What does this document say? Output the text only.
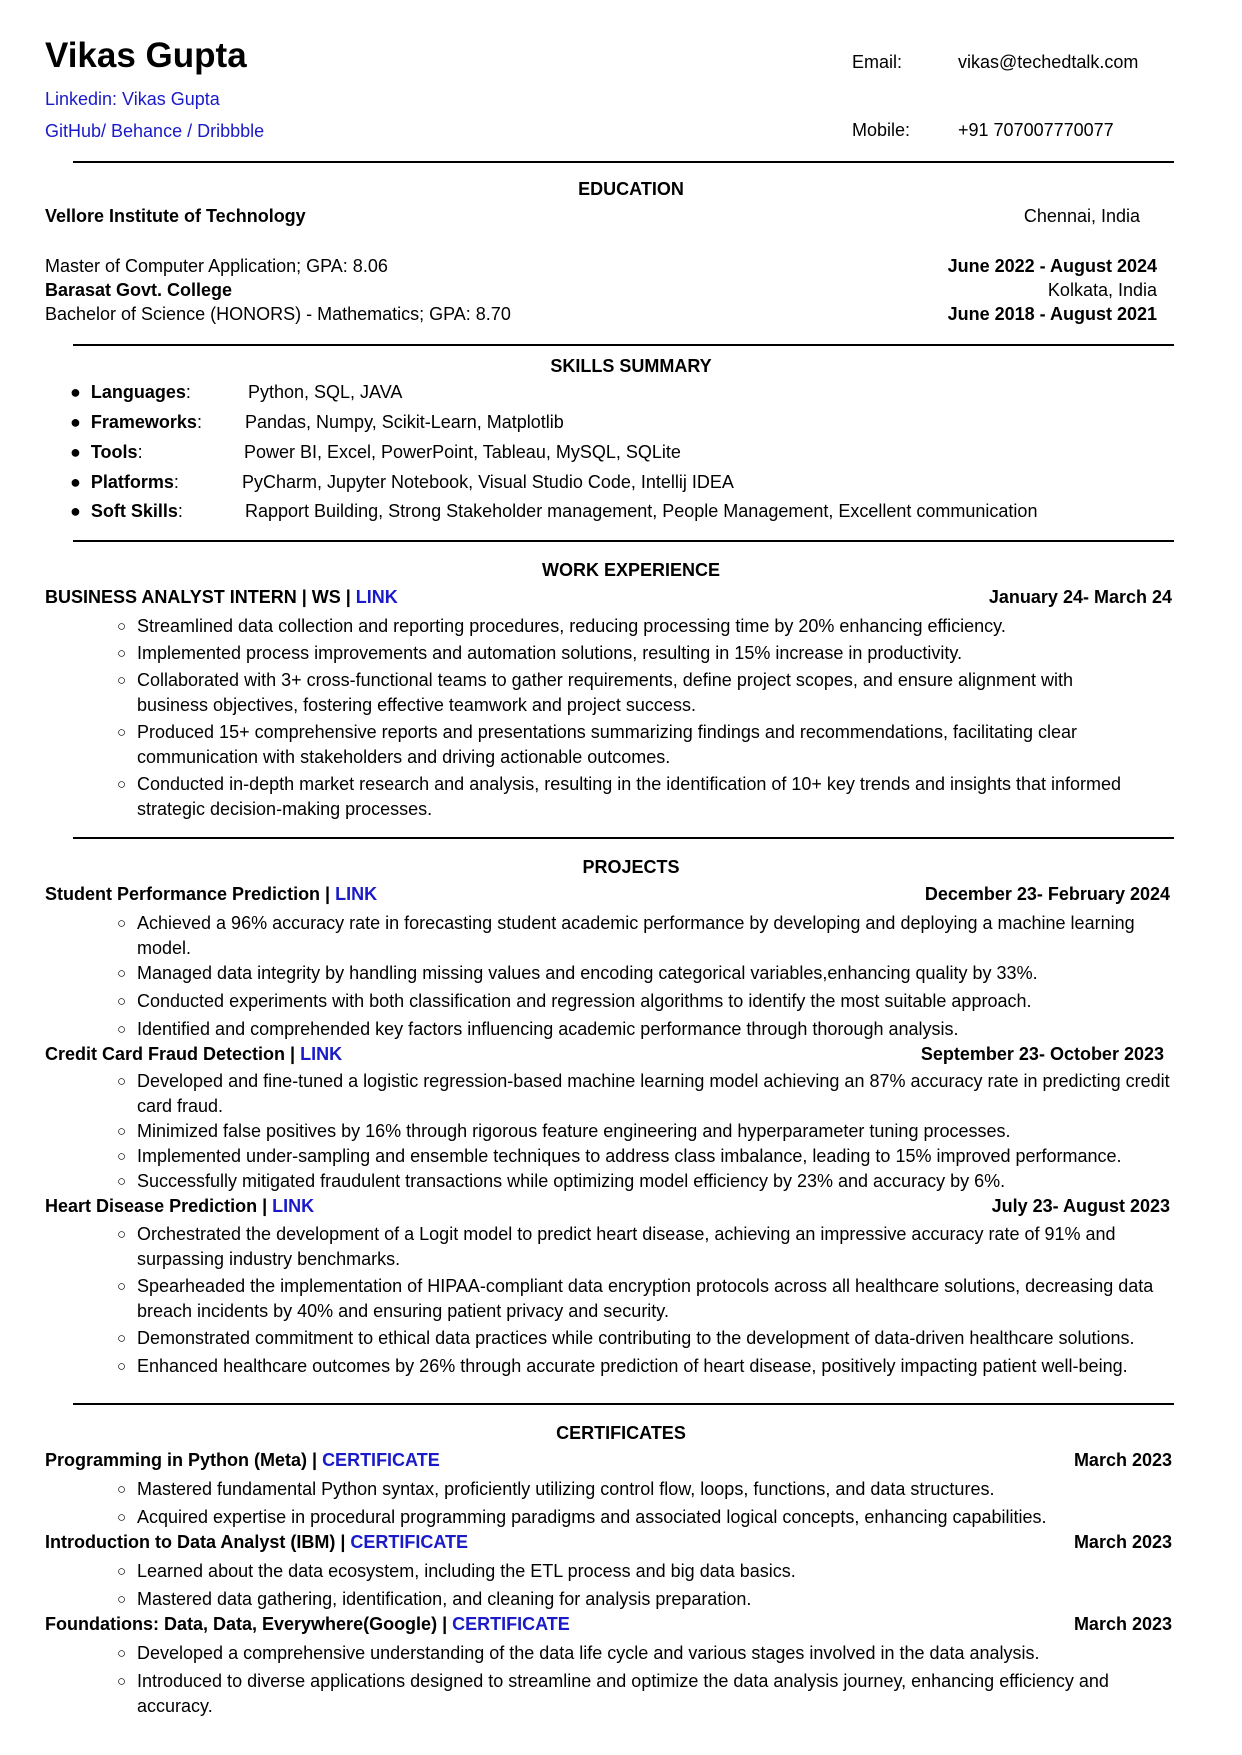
Vikas Gupta
Linkedin: Vikas Gupta
GitHub/ Behance / Dribbble
Email:	vikas@techedtalk.com
Mobile:	+91 707007770077
EDUCATION
Vellore Institute of Technology	Chennai, India
Master of Computer Application; GPA: 8.06	June 2022 - August 2024
Barasat Govt. College	Kolkata, India
Bachelor of Science (HONORS) - Mathematics; GPA: 8.70	June 2018 - August 2021
SKILLS SUMMARY
● Languages:	Python, SQL, JAVA
● Frameworks: Pandas, Numpy, Scikit-Learn, Matplotlib
● Tools:	Power BI, Excel, PowerPoint, Tableau, MySQL, SQLite
● Platforms:	PyCharm, Jupyter Notebook, Visual Studio Code, Intellij IDEA
● Soft Skills:	Rapport Building, Strong Stakeholder management, People Management, Excellent communication
WORK EXPERIENCE
BUSINESS ANALYST INTERN | WS | LINK	January 24- March 24
○ Streamlined data collection and reporting procedures, reducing processing time by 20% enhancing efficiency.
○ Implemented process improvements and automation solutions, resulting in 15% increase in productivity.
○ Collaborated with 3+ cross-functional teams to gather requirements, define project scopes, and ensure alignment with business objectives, fostering effective teamwork and project success.
○ Produced 15+ comprehensive reports and presentations summarizing findings and recommendations, facilitating clear communication with stakeholders and driving actionable outcomes.
○ Conducted in-depth market research and analysis, resulting in the identification of 10+ key trends and insights that informed strategic decision-making processes.
PROJECTS
Student Performance Prediction | LINK	December 23- February 2024
○ Achieved a 96% accuracy rate in forecasting student academic performance by developing and deploying a machine learning model.
○ Managed data integrity by handling missing values and encoding categorical variables,enhancing quality by 33%.
○ Conducted experiments with both classification and regression algorithms to identify the most suitable approach.
○ Identified and comprehended key factors influencing academic performance through thorough analysis.
Credit Card Fraud Detection | LINK	September 23- October 2023
○ Developed and fine-tuned a logistic regression-based machine learning model achieving an 87% accuracy rate in predicting credit card fraud.
○ Minimized false positives by 16% through rigorous feature engineering and hyperparameter tuning processes.
○ Implemented under-sampling and ensemble techniques to address class imbalance, leading to 15% improved performance.
○ Successfully mitigated fraudulent transactions while optimizing model efficiency by 23% and accuracy by 6%.
Heart Disease Prediction | LINK	July 23- August 2023
○ Orchestrated the development of a Logit model to predict heart disease, achieving an impressive accuracy rate of 91% and surpassing industry benchmarks.
○ Spearheaded the implementation of HIPAA-compliant data encryption protocols across all healthcare solutions, decreasing data breach incidents by 40% and ensuring patient privacy and security.
○ Demonstrated commitment to ethical data practices while contributing to the development of data-driven healthcare solutions.
○ Enhanced healthcare outcomes by 26% through accurate prediction of heart disease, positively impacting patient well-being.
CERTIFICATES
Programming in Python (Meta) | CERTIFICATE	March 2023
○ Mastered fundamental Python syntax, proficiently utilizing control flow, loops, functions, and data structures.
○ Acquired expertise in procedural programming paradigms and associated logical concepts, enhancing capabilities.
Introduction to Data Analyst (IBM) | CERTIFICATE	March 2023
○ Learned about the data ecosystem, including the ETL process and big data basics.
○ Mastered data gathering, identification, and cleaning for analysis preparation.
Foundations: Data, Data, Everywhere(Google) | CERTIFICATE	March 2023
○ Developed a comprehensive understanding of the data life cycle and various stages involved in the data analysis.
○ Introduced to diverse applications designed to streamline and optimize the data analysis journey, enhancing efficiency and accuracy.
